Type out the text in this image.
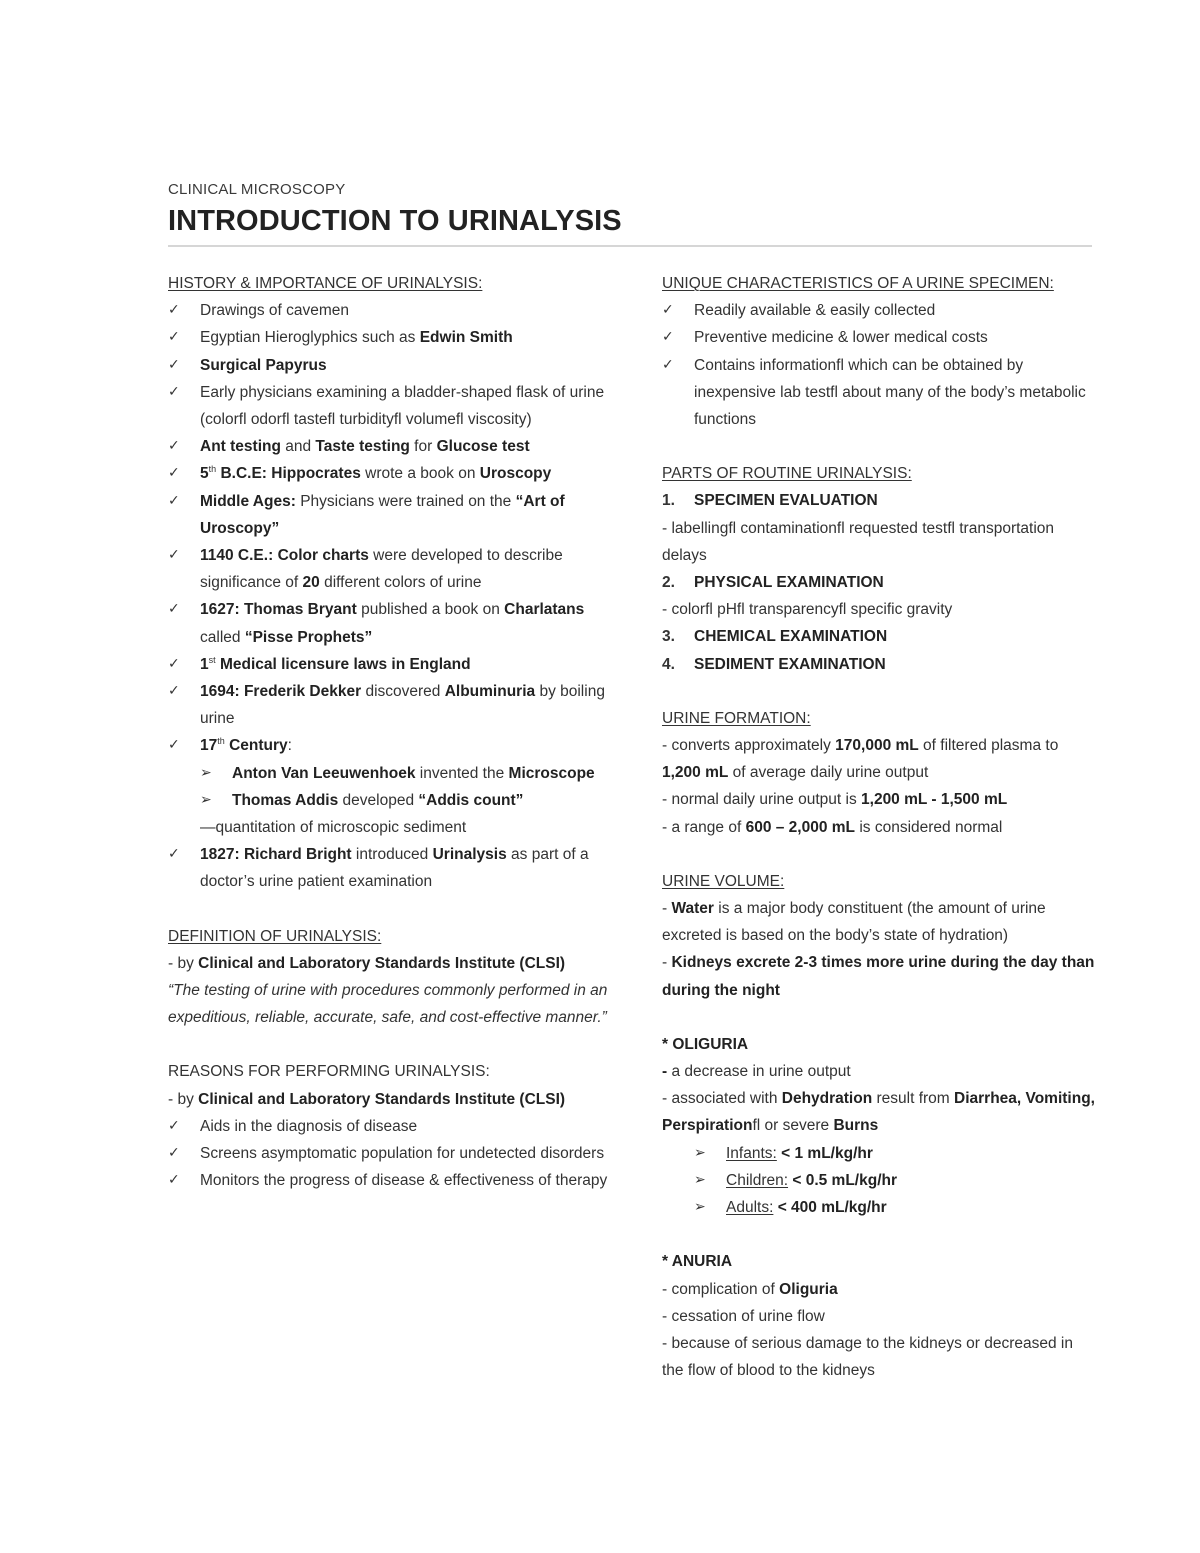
CLINICAL MICROSCOPY
INTRODUCTION TO URINALYSIS
HISTORY & IMPORTANCE OF URINALYSIS:
✓	Drawings of cavemen
✓	Egyptian Hieroglyphics such as Edwin Smith
✓	Surgical Papyrus
✓	Early physicians examining a bladder-shaped flask of urine (colorfl odorfl tastefl turbidityfl volumefl viscosity)
✓	Ant testing and Taste testing for Glucose test
✓	5th B.C.E: Hippocrates wrote a book on Uroscopy
✓	Middle Ages: Physicians were trained on the “Art of Uroscopy”
✓	1140 C.E.: Color charts were developed to describe significance of 20 different colors of urine
✓	1627: Thomas Bryant published a book on Charlatans called “Pisse Prophets”
✓	1st Medical licensure laws in England
✓	1694: Frederik Dekker discovered Albuminuria by boiling urine
✓	17th Century:
➢	Anton Van Leeuwenhoek invented the Microscope
➢	Thomas Addis developed “Addis count”
—quantitation of microscopic sediment
✓	1827: Richard Bright introduced Urinalysis as part of a doctor’s urine patient examination
DEFINITION OF URINALYSIS:
- by Clinical and Laboratory Standards Institute (CLSI)
“The testing of urine with procedures commonly performed in an expeditious, reliable, accurate, safe, and cost-effective manner.”
REASONS FOR PERFORMING URINALYSIS:
- by Clinical and Laboratory Standards Institute (CLSI)
✓	Aids in the diagnosis of disease
✓	Screens asymptomatic population for undetected disorders
✓	Monitors the progress of disease & effectiveness of therapy
UNIQUE CHARACTERISTICS OF A URINE SPECIMEN:
✓	Readily available & easily collected
✓	Preventive medicine & lower medical costs
✓	Contains informationfl which can be obtained by inexpensive lab testfl about many of the body’s metabolic functions
PARTS OF ROUTINE URINALYSIS:
1. SPECIMEN EVALUATION
- labellingfl contaminationfl requested testfl transportation delays
2. PHYSICAL EXAMINATION
- colorfl pHfl transparencyfl specific gravity
3. CHEMICAL EXAMINATION
4. SEDIMENT EXAMINATION
URINE FORMATION:
- converts approximately 170,000 mL of filtered plasma to 1,200 mL of average daily urine output
- normal daily urine output is 1,200 mL - 1,500 mL
- a range of 600 – 2,000 mL is considered normal
URINE VOLUME:
- Water is a major body constituent (the amount of urine excreted is based on the body’s state of hydration)
- Kidneys excrete 2-3 times more urine during the day than during the night
* OLIGURIA
- a decrease in urine output
- associated with Dehydration result from Diarrhea, Vomiting, Perspirationfl or severe Burns
➢	Infants: < 1 mL/kg/hr
➢	Children: < 0.5 mL/kg/hr
➢	Adults: < 400 mL/kg/hr
* ANURIA
- complication of Oliguria
- cessation of urine flow
- because of serious damage to the kidneys or decreased in the flow of blood to the kidneys
